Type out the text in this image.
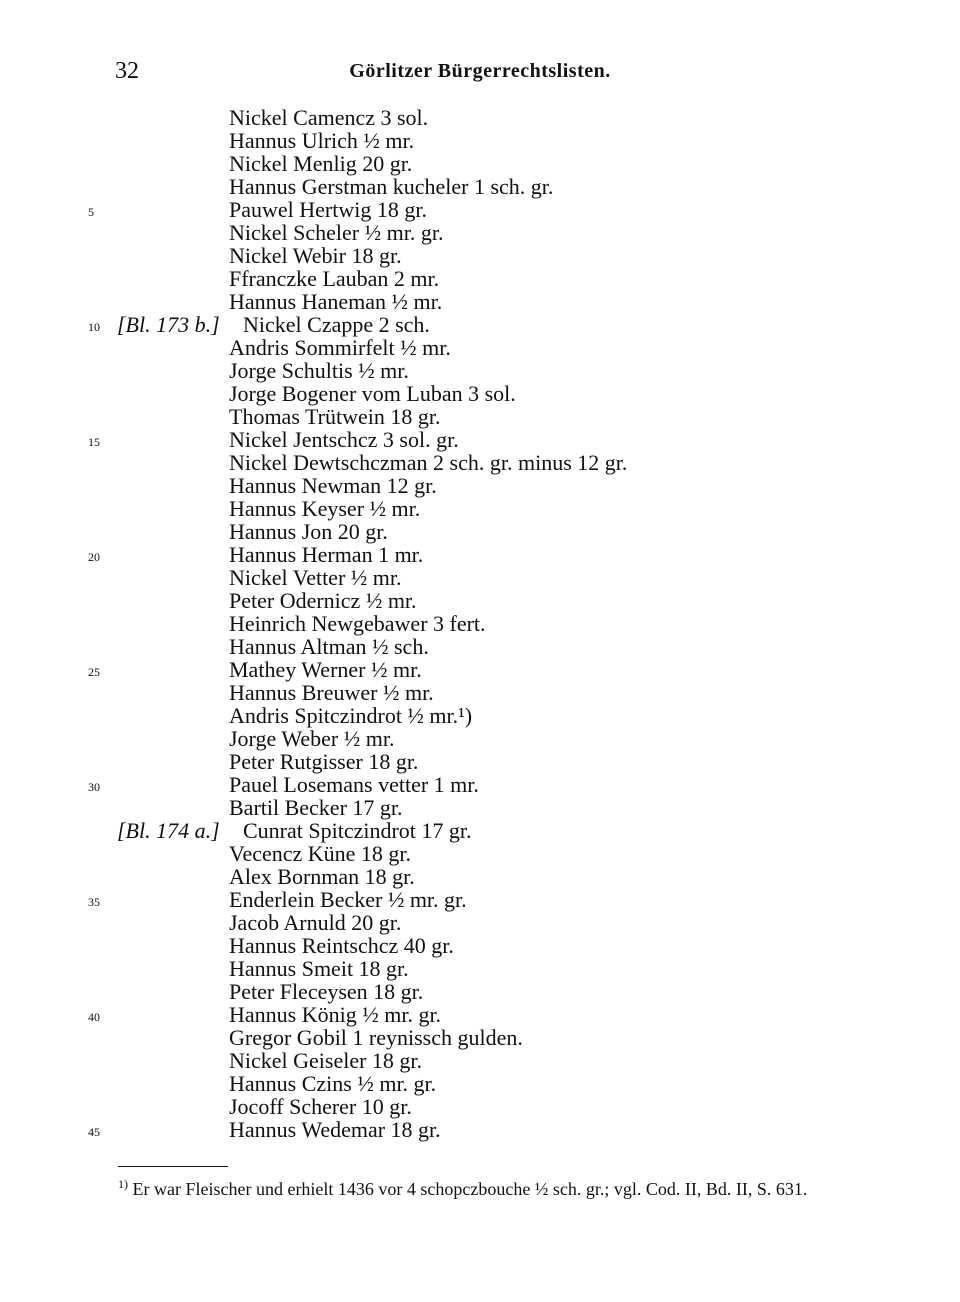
32	Görlitzer Bürgerrechtslisten.
Nickel Camencz 3 sol.
Hannus Ulrich ½ mr.
Nickel Menlig 20 gr.
Hannus Gerstman kucheler 1 sch. gr.
5	Pauwel Hertwig 18 gr.
Nickel Scheler ½ mr. gr.
Nickel Webir 18 gr.
Ffranczke Lauban 2 mr.
Hannus Haneman ½ mr.
10 [Bl. 173 b.] Nickel Czappe 2 sch.
Andris Sommirfelt ½ mr.
Jorge Schultis ½ mr.
Jorge Bogener vom Luban 3 sol.
Thomas Trütwein 18 gr.
15	Nickel Jentschcz 3 sol. gr.
Nickel Dewtschczman 2 sch. gr. minus 12 gr.
Hannus Newman 12 gr.
Hannus Keyser ½ mr.
Hannus Jon 20 gr.
20	Hannus Herman 1 mr.
Nickel Vetter ½ mr.
Peter Odernicz ½ mr.
Heinrich Newgebawer 3 fert.
Hannus Altman ½ sch.
25	Mathey Werner ½ mr.
Hannus Breuwer ½ mr.
Andris Spitczindrot ½ mr.¹)
Jorge Weber ½ mr.
Peter Rutgisser 18 gr.
30	Pauel Losemans vetter 1 mr.
Bartil Becker 17 gr.
[Bl. 174 a.] Cunrat Spitczindrot 17 gr.
Vecencz Küne 18 gr.
Alex Bornman 18 gr.
35	Enderlein Becker ½ mr. gr.
Jacob Arnuld 20 gr.
Hannus Reintschcz 40 gr.
Hannus Smeit 18 gr.
Peter Fleceysen 18 gr.
40	Hannus König ½ mr. gr.
Gregor Gobil 1 reynissch gulden.
Nickel Geiseler 18 gr.
Hannus Czins ½ mr. gr.
Jocoff Scherer 10 gr.
45	Hannus Wedemar 18 gr.
$^{1)}$ Er war Fleischer und erhielt 1436 vor 4 schopczbouche ½ sch. gr.; vgl. Cod. II, Bd. II, S. 631.
